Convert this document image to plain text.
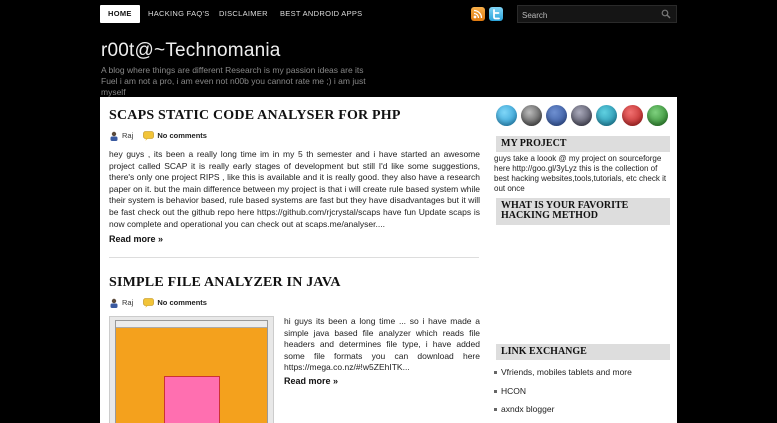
HOME	HACKING FAQ'S DISCLAIMER BEST ANDROID APPS
Search
r00t@~Technomania
A blog where things are different Research is my passion ideas are its Fuel i am not a pro, i am even not n00b you cannot rate me ;) i am just myself
SCAPS STATIC CODE ANALYSER FOR PHP
Raj	No comments
hey guys , its been a really long time im in my 5 th semester and i have started an awesome project called SCAP it is really early stages of development but still I'd like some suggestions, there's only one project RIPS , like this is available and it is really good. they also have a research paper on it. but the main difference between my project is that i will create rule based system while their system is behavior based, rule based systems are fast but they have disadvantages but it will be fast check out the github repo here https://github.com/rjcrystal/scaps have fun Update scaps is now complete and operational you can check out at scaps.me/analyser....
Read more »
SIMPLE FILE ANALYZER IN JAVA
Raj	No comments
hi guys its been a long time ... so i have made a simple java based file analyzer which reads file headers and determines file type, i have added some file formats you can download here https://mega.co.nz/#!w5ZEhITK...
Read more »
MY PROJECT
guys take a loook @ my project on sourceforge here http://goo.gl/3yLyz this is the collection of best hacking websites,tools,tutorials, etc check it out once
WHAT IS YOUR FAVORITE HACKING METHOD
LINK EXCHANGE
Vfriends, mobiles tablets and more
HCON
axndx blogger
